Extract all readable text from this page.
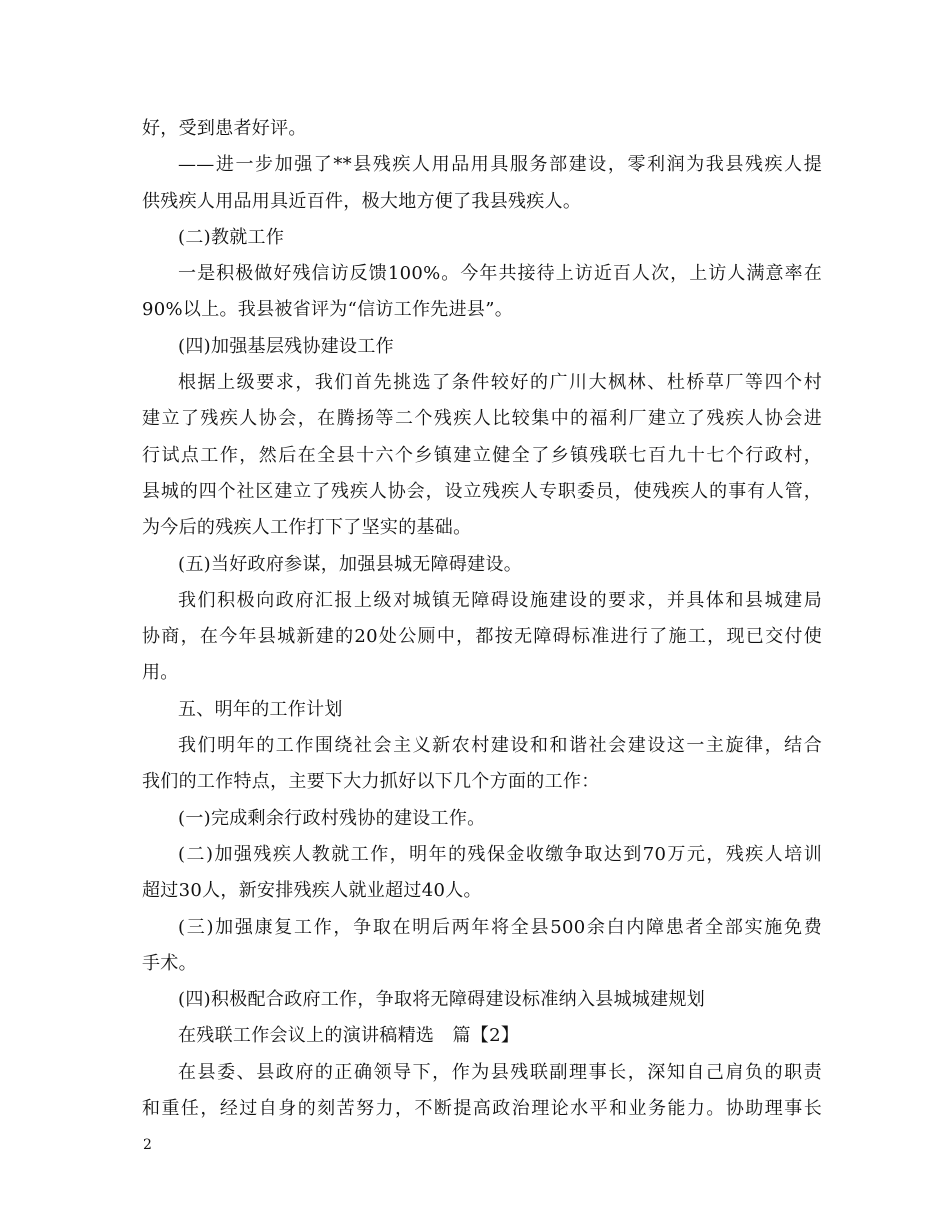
好，受到患者好评。
——进一步加强了**县残疾人用品用具服务部建设，零利润为我县残疾人提
供残疾人用品用具近百件，极大地方便了我县残疾人。
(二)教就工作
一是积极做好残信访反馈100%。今年共接待上访近百人次，上访人满意率在
90%以上。我县被省评为“信访工作先进县”。
(四)加强基层残协建设工作
根据上级要求，我们首先挑选了条件较好的广川大枫林、杜桥草厂等四个村
建立了残疾人协会，在腾扬等二个残疾人比较集中的福利厂建立了残疾人协会进
行试点工作，然后在全县十六个乡镇建立健全了乡镇残联七百九十七个行政村，
县城的四个社区建立了残疾人协会，设立残疾人专职委员，使残疾人的事有人管，
为今后的残疾人工作打下了坚实的基础。
(五)当好政府参谋，加强县城无障碍建设。
我们积极向政府汇报上级对城镇无障碍设施建设的要求，并具体和县城建局
协商，在今年县城新建的20处公厕中，都按无障碍标准进行了施工，现已交付使
用。
五、明年的工作计划
我们明年的工作围绕社会主义新农村建设和和谐社会建设这一主旋律，结合
我们的工作特点，主要下大力抓好以下几个方面的工作：
(一)完成剩余行政村残协的建设工作。
(二)加强残疾人教就工作，明年的残保金收缴争取达到70万元，残疾人培训
超过30人，新安排残疾人就业超过40人。
(三)加强康复工作，争取在明后两年将全县500余白内障患者全部实施免费
手术。
(四)积极配合政府工作，争取将无障碍建设标准纳入县城城建规划
在残联工作会议上的演讲稿精选　篇【2】
在县委、县政府的正确领导下，作为县残联副理事长，深知自己肩负的职责
和重任，经过自身的刻苦努力，不断提高政治理论水平和业务能力。协助理事长
2
